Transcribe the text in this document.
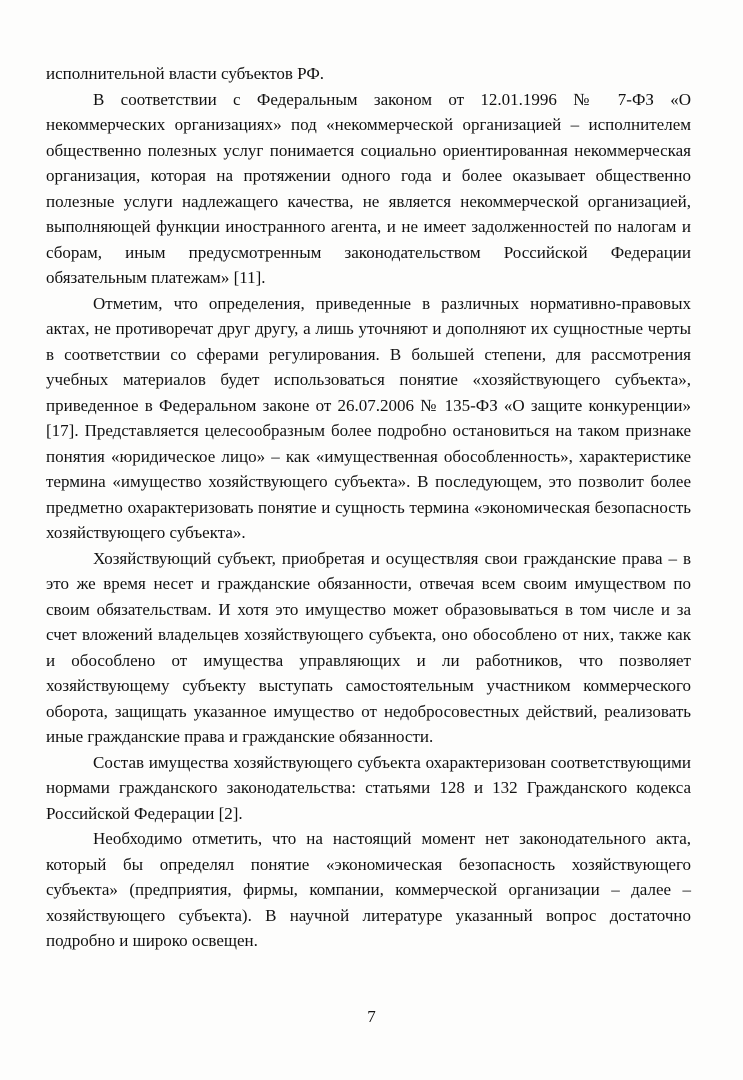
исполнительной власти субъектов РФ.

В соответствии с Федеральным законом от 12.01.1996 № 7-ФЗ «О некоммерческих организациях» под «некоммерческой организацией – исполнителем общественно полезных услуг понимается социально ориентированная некоммерческая организация, которая на протяжении одного года и более оказывает общественно полезные услуги надлежащего качества, не является некоммерческой организацией, выполняющей функции иностранного агента, и не имеет задолженностей по налогам и сборам, иным предусмотренным законодательством Российской Федерации обязательным платежам» [11].

Отметим, что определения, приведенные в различных нормативно-правовых актах, не противоречат друг другу, а лишь уточняют и дополняют их сущностные черты в соответствии со сферами регулирования. В большей степени, для рассмотрения учебных материалов будет использоваться понятие «хозяйствующего субъекта», приведенное в Федеральном законе от 26.07.2006 № 135-ФЗ «О защите конкуренции» [17]. Представляется целесообразным более подробно остановиться на таком признаке понятия «юридическое лицо» – как «имущественная обособленность», характеристике термина «имущество хозяйствующего субъекта». В последующем, это позволит более предметно охарактеризовать понятие и сущность термина «экономическая безопасность хозяйствующего субъекта».

Хозяйствующий субъект, приобретая и осуществляя свои гражданские права – в это же время несет и гражданские обязанности, отвечая всем своим имуществом по своим обязательствам. И хотя это имущество может образовываться в том числе и за счет вложений владельцев хозяйствующего субъекта, оно обособлено от них, также как и обособлено от имущества управляющих и ли работников, что позволяет хозяйствующему субъекту выступать самостоятельным участником коммерческого оборота, защищать указанное имущество от недобросовестных действий, реализовать иные гражданские права и гражданские обязанности.

Состав имущества хозяйствующего субъекта охарактеризован соответствующими нормами гражданского законодательства: статьями 128 и 132 Гражданского кодекса Российской Федерации [2].

Необходимо отметить, что на настоящий момент нет законодательного акта, который бы определял понятие «экономическая безопасность хозяйствующего субъекта» (предприятия, фирмы, компании, коммерческой организации – далее – хозяйствующего субъекта). В научной литературе указанный вопрос достаточно подробно и широко освещен.

7
